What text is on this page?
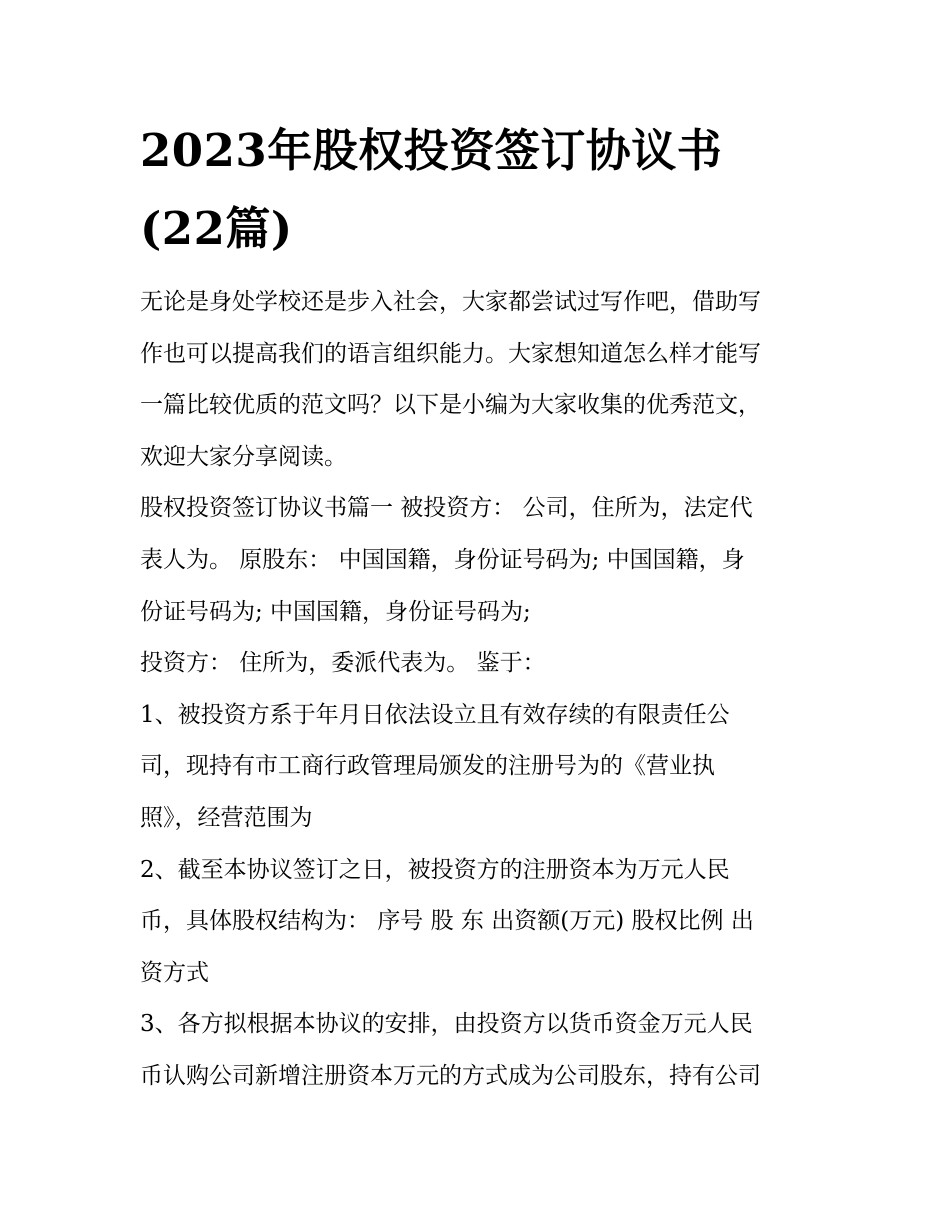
2023年股权投资签订协议书
(22篇)
无论是身处学校还是步入社会，大家都尝试过写作吧，借助写
作也可以提高我们的语言组织能力。大家想知道怎么样才能写
一篇比较优质的范文吗？以下是小编为大家收集的优秀范文，
欢迎大家分享阅读。
股权投资签订协议书篇一 被投资方： 公司，住所为，法定代
表人为。 原股东： 中国国籍，身份证号码为; 中国国籍，身
份证号码为; 中国国籍，身份证号码为;
投资方： 住所为，委派代表为。 鉴于：
1、被投资方系于年月日依法设立且有效存续的有限责任公
司，现持有市工商行政管理局颁发的注册号为的《营业执
照》，经营范围为
2、截至本协议签订之日，被投资方的注册资本为万元人民
币，具体股权结构为： 序号 股 东 出资额(万元) 股权比例 出
资方式
3、各方拟根据本协议的安排，由投资方以货币资金万元人民
币认购公司新增注册资本万元的方式成为公司股东，持有公司
